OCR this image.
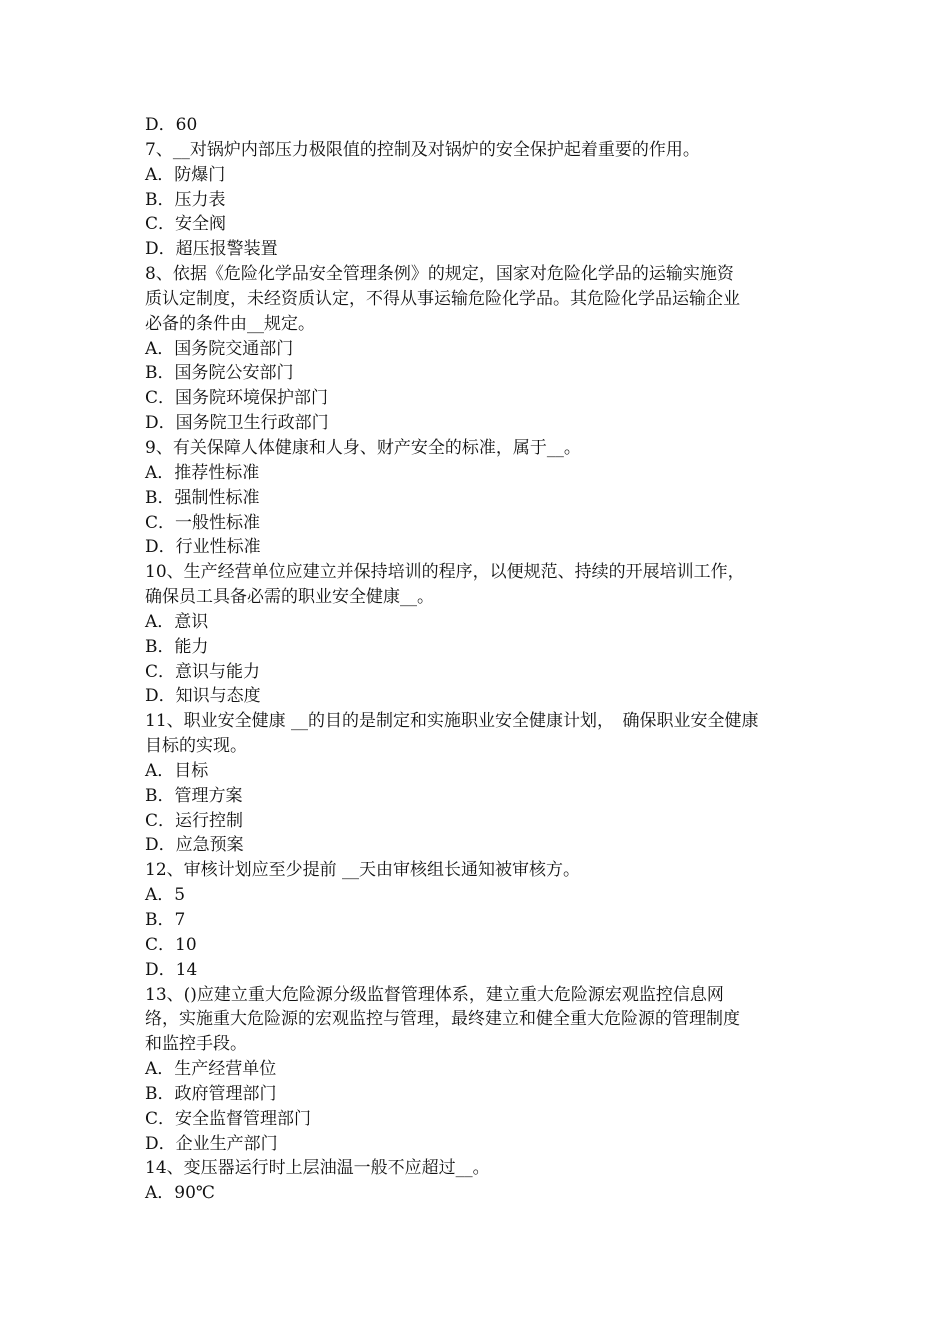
D．60
7、__对锅炉内部压力极限值的控制及对锅炉的安全保护起着重要的作用。
A．防爆门
B．压力表
C．安全阀
D．超压报警装置
8、依据《危险化学品安全管理条例》的规定，国家对危险化学品的运输实施资
质认定制度，未经资质认定，不得从事运输危险化学品。其危险化学品运输企业
必备的条件由__规定。
A．国务院交通部门
B．国务院公安部门
C．国务院环境保护部门
D．国务院卫生行政部门
9、有关保障人体健康和人身、财产安全的标准，属于__。
A．推荐性标准
B．强制性标准
C．一般性标准
D．行业性标准
10、生产经营单位应建立并保持培训的程序，以便规范、持续的开展培训工作，
确保员工具备必需的职业安全健康__。
A．意识
B．能力
C．意识与能力
D．知识与态度
11、职业安全健康 __的目的是制定和实施职业安全健康计划，　确保职业安全健康
目标的实现。
A．目标
B．管理方案
C．运行控制
D．应急预案
12、审核计划应至少提前 __天由审核组长通知被审核方。
A．5
B．7
C．10
D．14
13、()应建立重大危险源分级监督管理体系，建立重大危险源宏观监控信息网
络，实施重大危险源的宏观监控与管理，最终建立和健全重大危险源的管理制度
和监控手段。
A．生产经营单位
B．政府管理部门
C．安全监督管理部门
D．企业生产部门
14、变压器运行时上层油温一般不应超过__。
A．90℃
